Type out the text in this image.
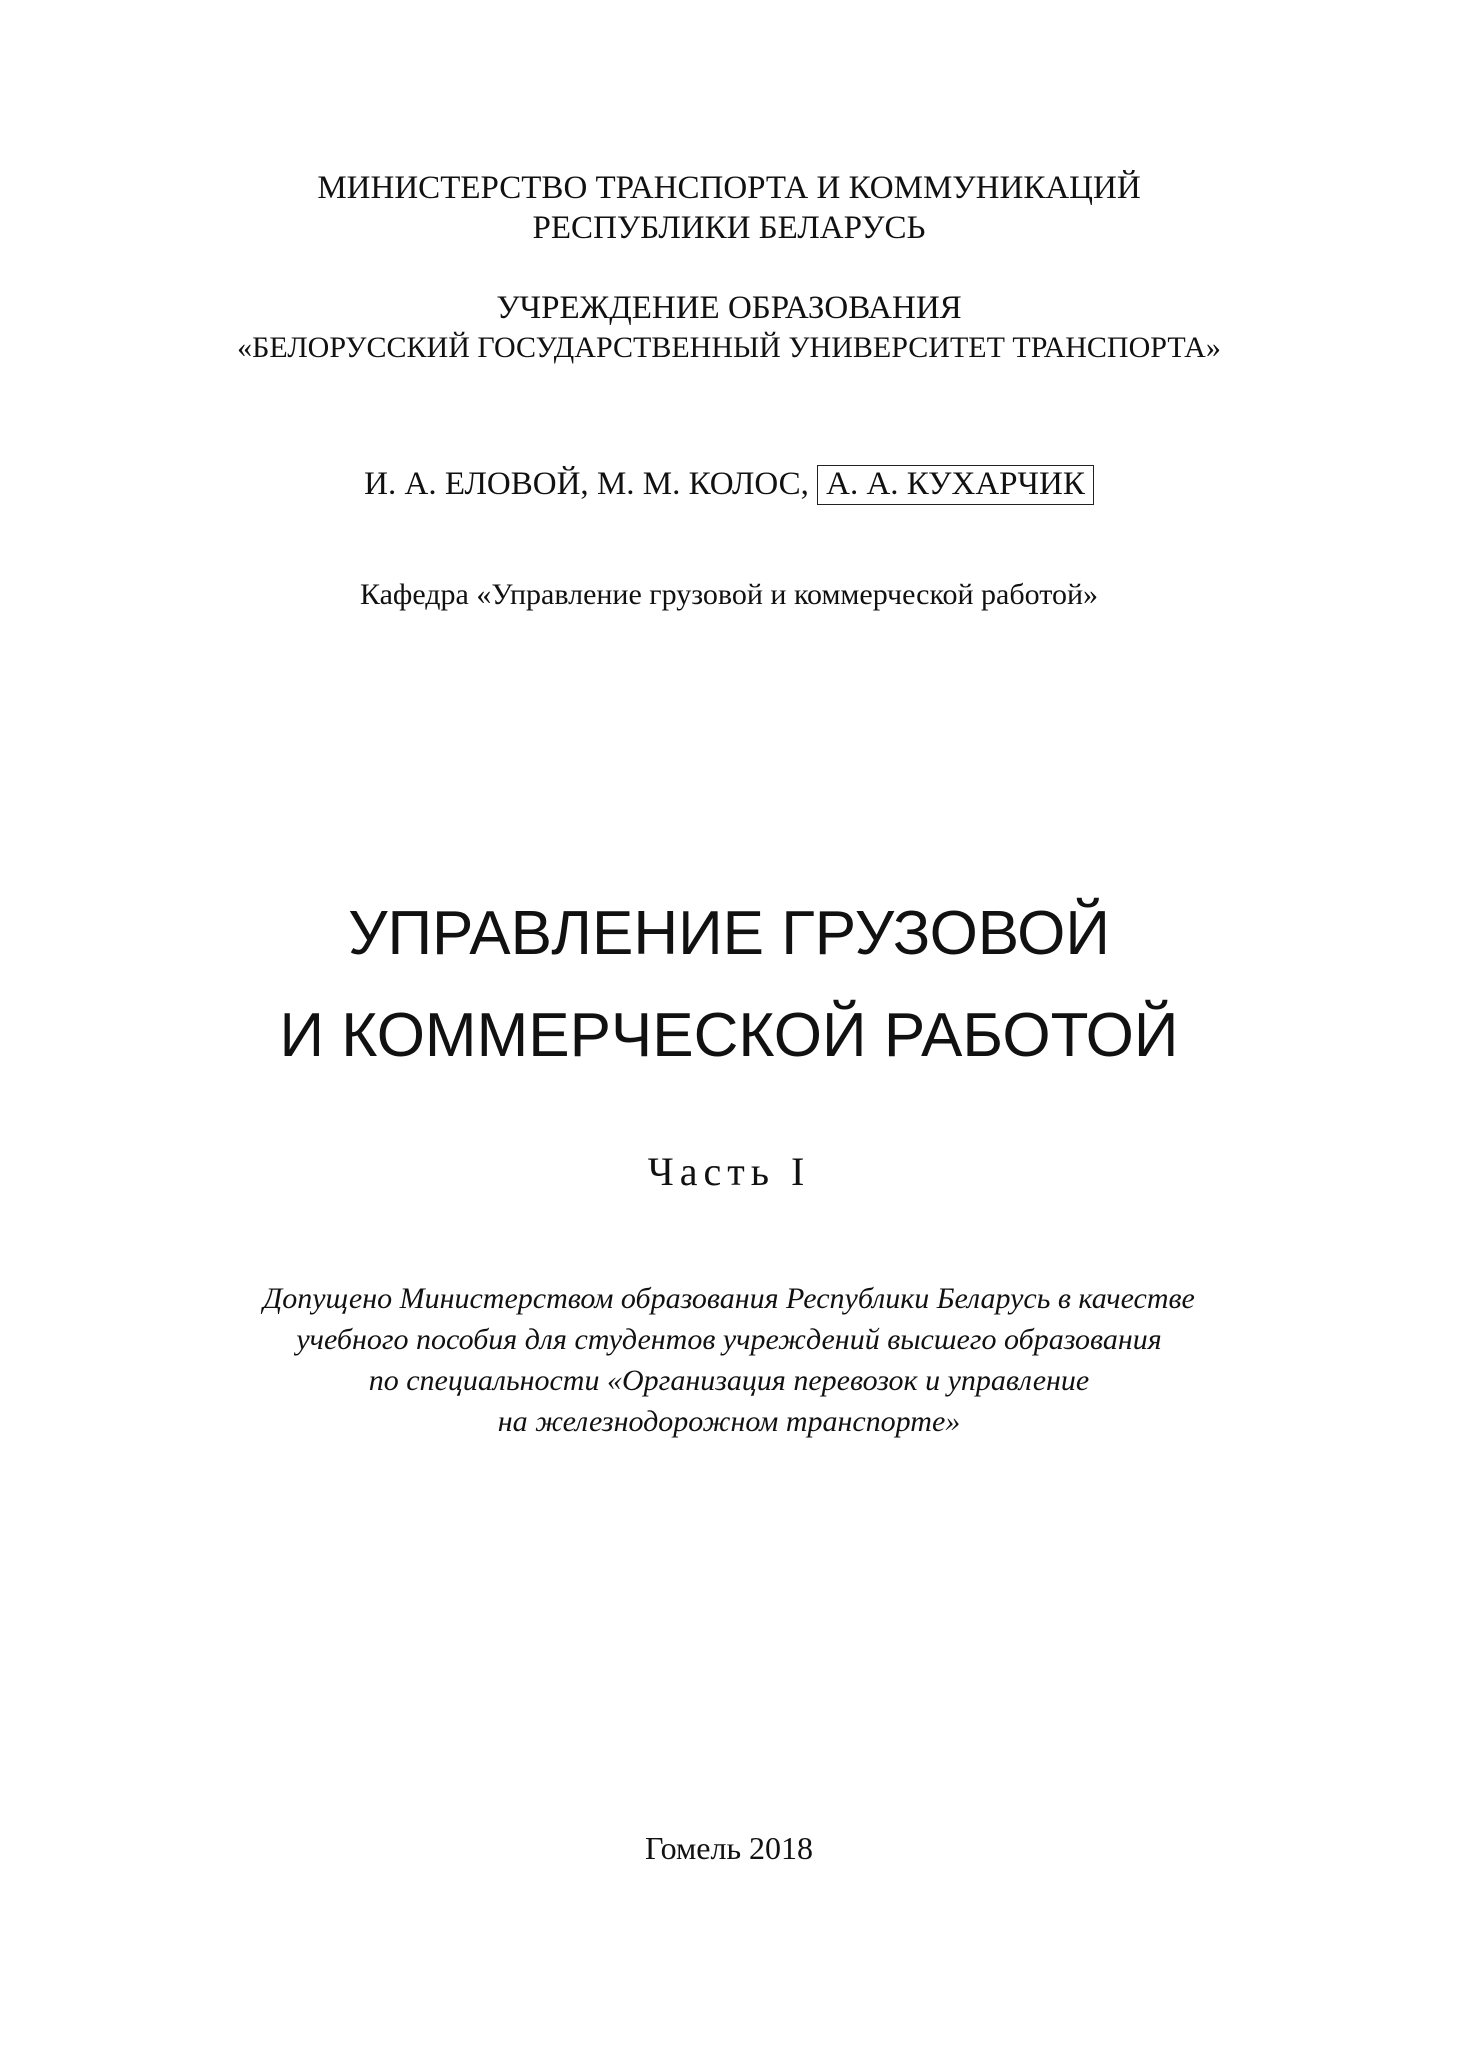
МИНИСТЕРСТВО ТРАНСПОРТА И КОММУНИКАЦИЙ
РЕСПУБЛИКИ БЕЛАРУСЬ
УЧРЕЖДЕНИЕ ОБРАЗОВАНИЯ
«БЕЛОРУССКИЙ ГОСУДАРСТВЕННЫЙ УНИВЕРСИТЕТ ТРАНСПОРТА»
И. А. ЕЛОВОЙ, М. М. КОЛОС, А. А. КУХАРЧИК
Кафедра «Управление грузовой и коммерческой работой»
УПРАВЛЕНИЕ ГРУЗОВОЙ
И КОММЕРЧЕСКОЙ РАБОТОЙ
Часть I
Допущено Министерством образования Республики Беларусь в качестве
учебного пособия для студентов учреждений высшего образования
по специальности «Организация перевозок и управление
на железнодорожном транспорте»
Гомель 2018
